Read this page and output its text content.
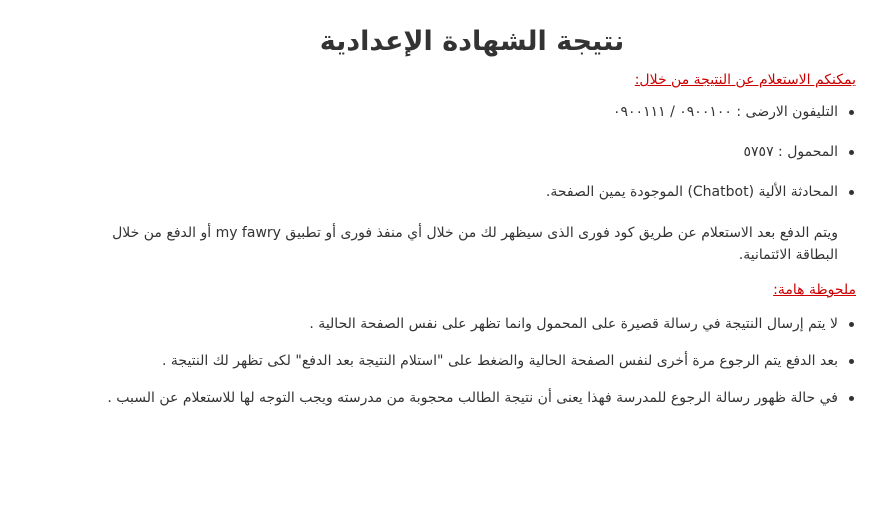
نتيجة الشهادة الإعدادية

يمكنكم الاستعلام عن النتيجة من خلال:

التليفون الارضى : ٠٩٠٠١٠٠ / ٠٩٠٠١١١
المحمول : ٥٧٥٧
المحادثة الألية (Chatbot) الموجودة يمين الصفحة.

ويتم الدفع بعد الاستعلام عن طريق كود فورى الذى سيظهر لك من خلال أي منفذ فورى أو تطبيق my fawry أو الدفع من خلال البطاقة الائتمانية.

ملحوظة هامة:

لا يتم إرسال النتيجة في رسالة قصيرة على المحمول وانما تظهر على نفس الصفحة الحالية .
بعد الدفع يتم الرجوع مرة أخرى لنفس الصفحة الحالية والضغط على "استلام النتيجة بعد الدفع" لكى تظهر لك النتيجة .
في حالة ظهور رسالة الرجوع للمدرسة فهذا يعنى أن نتيجة الطالب محجوبة من مدرسته ويجب التوجه لها للاستعلام عن السبب .
